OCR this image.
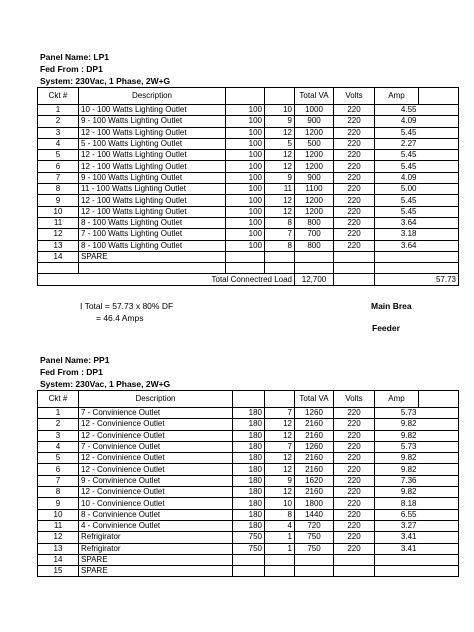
Panel Name: LP1
Fed From : DP1
System: 230Vac, 1 Phase, 2W+G
Ckt #	Description			Total VA	Volts	Amp	
1	10 - 100 Watts Lighting Outlet	100	10	1000	220	4.55	
2	9 - 100 Watts Lighting Outlet	100	9	900	220	4.09	
3	12 - 100 Watts Lighting Outlet	100	12	1200	220	5.45	
4	5 - 100 Watts Lighting Outlet	100	5	500	220	2.27	
5	12 - 100 Watts Lighting Outlet	100	12	1200	220	5.45	
6	12 - 100 Watts Lighting Outlet	100	12	1200	220	5.45	
7	9 - 100 Watts Lighting Outlet	100	9	900	220	4.09	
8	11 - 100 Watts Lighting Outlet	100	11	1100	220	5.00	
9	12 - 100 Watts Lighting Outlet	100	12	1200	220	5.45	
10	12 - 100 Watts Lighting Outlet	100	12	1200	220	5.45	
11	8 - 100 Watts Lighting Outlet	100	8	800	220	3.64	
12	7 - 100 Watts Lighting Outlet	100	7	700	220	3.18	
13	8 - 100 Watts Lighting Outlet	100	8	800	220	3.64	
14	SPARE						

Total Connectred Load				12,700		57.73	
I Total = 57.73 x 80% DF
= 46.4 Amps
Main Brea
Feeder
Panel Name: PP1
Fed From : DP1
System: 230Vac, 1 Phase, 2W+G
Ckt #	Description			Total VA	Volts	Amp	
1	7 - Convinience Outlet	180	7	1260	220	5.73	
2	12 - Convinience Outlet	180	12	2160	220	9.82	
3	12 - Convinience Outlet	180	12	2160	220	9.82	
4	7 - Convinience Outlet	180	7	1260	220	5.73	
5	12 - Convinience Outlet	180	12	2160	220	9.82	
6	12 - Convinience Outlet	180	12	2160	220	9.82	
7	9 - Convinience Outlet	180	9	1620	220	7.36	
8	12 - Convinience Outlet	180	12	2160	220	9.82	
9	10 - Convinience Outlet	180	10	1800	220	8.18	
10	8 - Convinience Outlet	180	8	1440	220	6.55	
11	4 - Convinience Outlet	180	4	720	220	3.27	
12	Refrigirator	750	1	750	220	3.41	
13	Refrigirator	750	1	750	220	3.41	
14	SPARE						
15	SPARE						
